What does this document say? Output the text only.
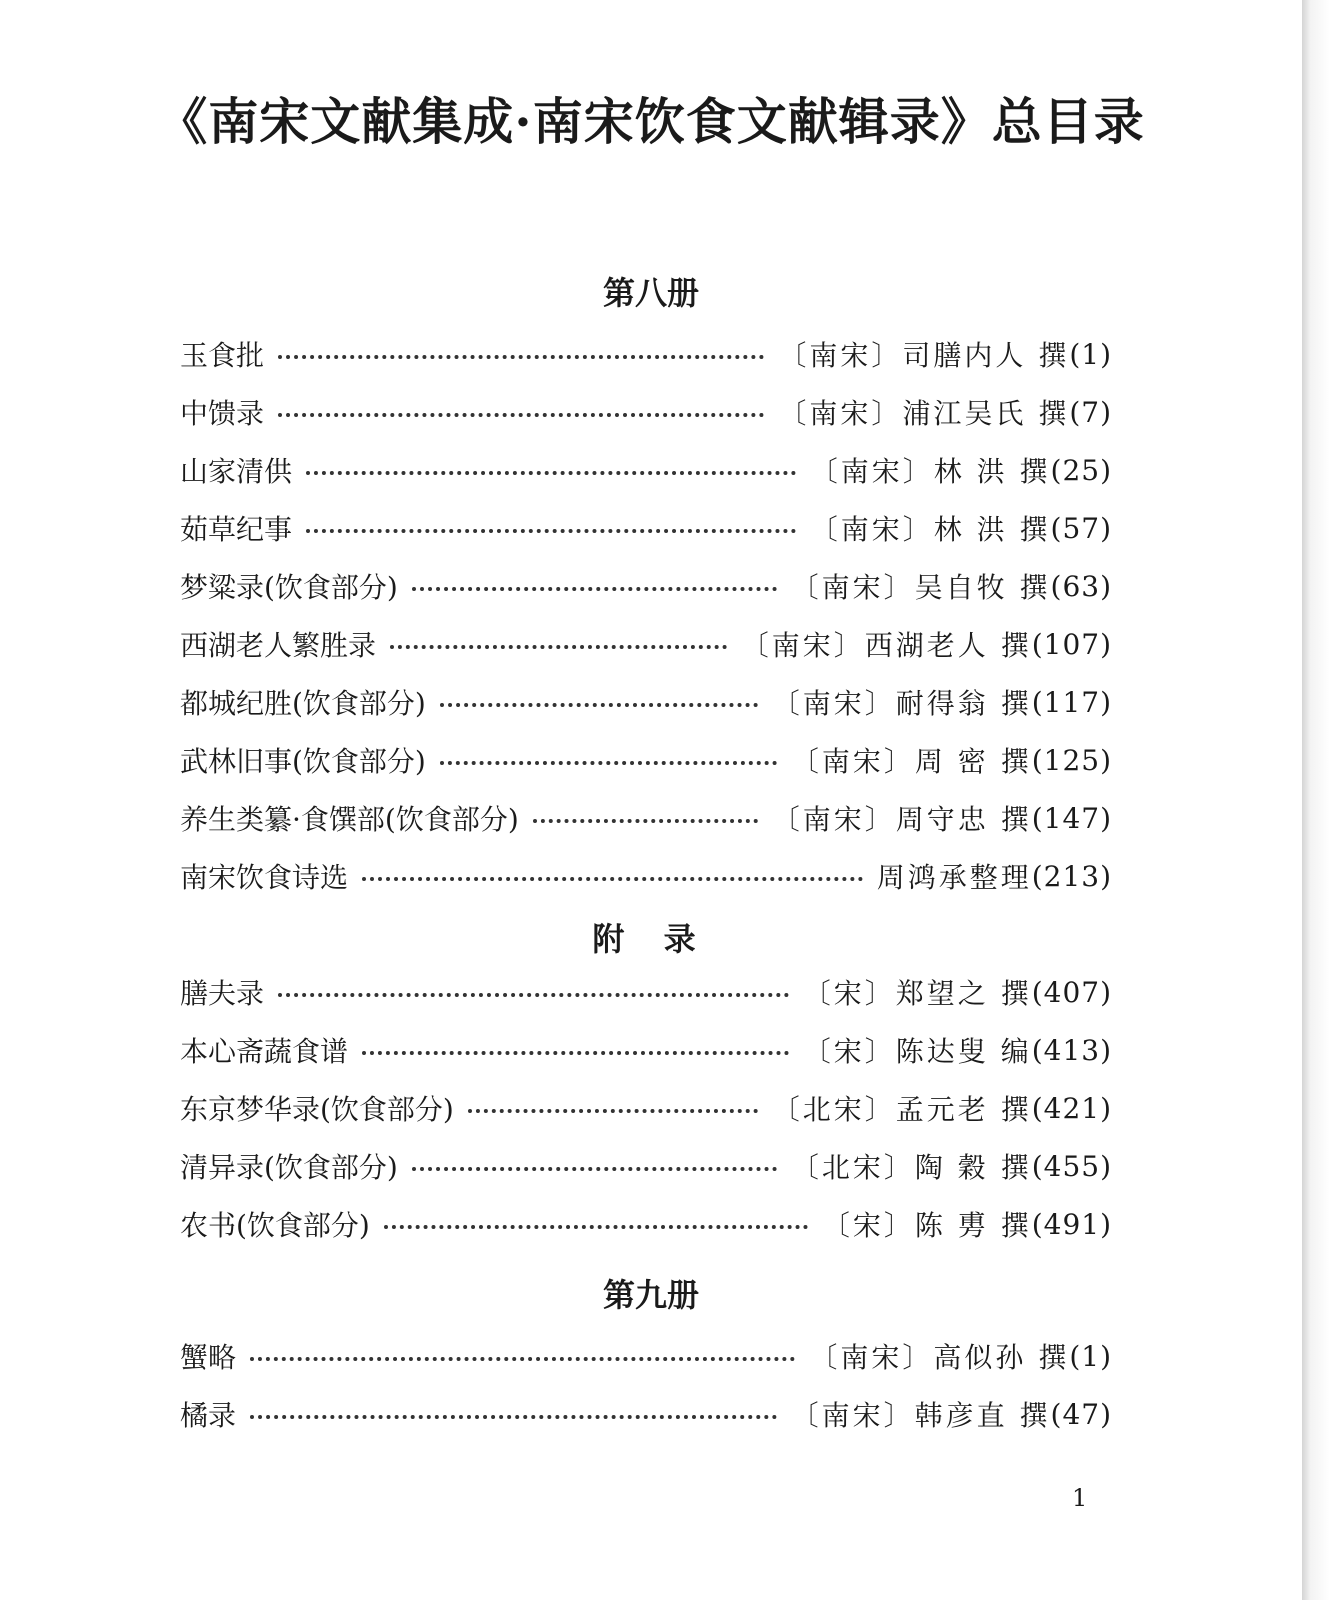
《南宋文献集成·南宋饮食文献辑录》总目录
第八册
玉食批	〔南宋〕司膳内人 撰 (1)
中馈录	〔南宋〕浦江吴氏 撰 (7)
山家清供	〔南宋〕林 洪 撰 (25)
茹草纪事	〔南宋〕林 洪 撰 (57)
梦粱录(饮食部分)	〔南宋〕吴自牧 撰 (63)
西湖老人繁胜录	〔南宋〕西湖老人 撰 (107)
都城纪胜(饮食部分)	〔南宋〕耐得翁 撰 (117)
武林旧事(饮食部分)	〔南宋〕周 密 撰 (125)
养生类纂·食馔部(饮食部分)	〔南宋〕周守忠 撰 (147)
南宋饮食诗选	周鸿承整理 (213)
附 录
膳夫录	〔宋〕郑望之 撰 (407)
本心斋蔬食谱	〔宋〕陈达叟 编 (413)
东京梦华录(饮食部分)	〔北宋〕孟元老 撰 (421)
清异录(饮食部分)	〔北宋〕陶 穀 撰 (455)
农书(饮食部分)	〔宋〕陈 旉 撰 (491)
第九册
蟹略	〔南宋〕高似孙 撰 (1)
橘录	〔南宋〕韩彦直 撰 (47)
1
